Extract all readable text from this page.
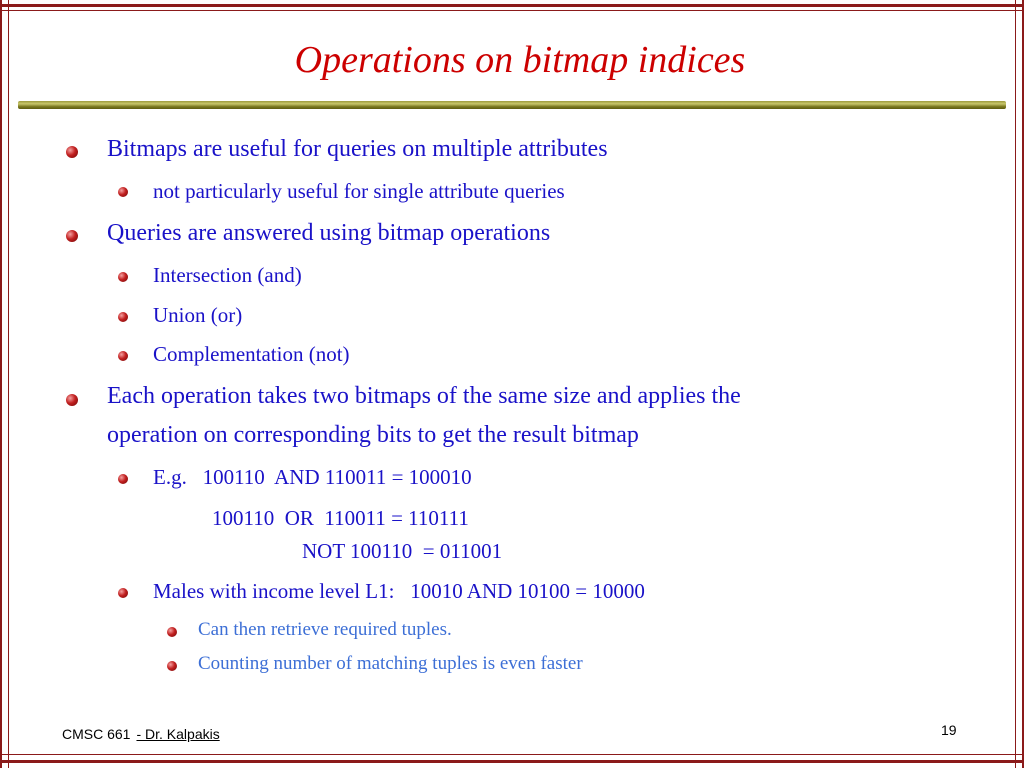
Operations on bitmap indices
Bitmaps are useful for queries on multiple attributes
not particularly useful for single attribute queries
Queries are answered using bitmap operations
Intersection (and)
Union (or)
Complementation (not)
Each operation takes two bitmaps of the same size and applies the
operation on corresponding bits to get the result bitmap
E.g.   100110  AND 110011 = 100010
100110  OR  110011 = 110111
NOT 100110  = 011001
Males with income level L1:   10010 AND 10100 = 10000
Can then retrieve required tuples.
Counting number of matching tuples is even faster
CMSC 661 - Dr. Kalpakis	19
